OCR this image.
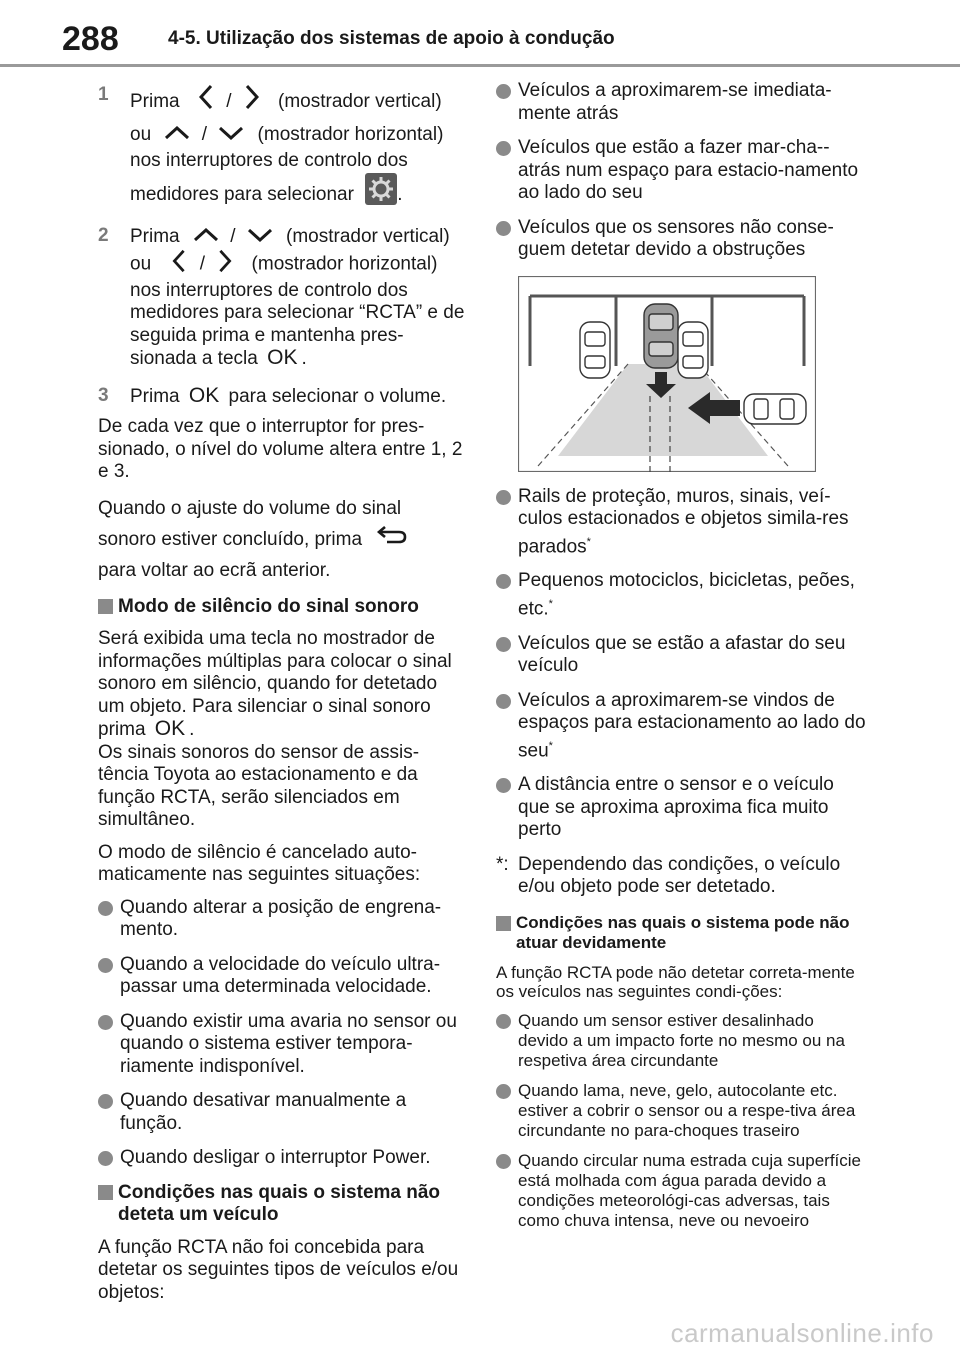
288	4-5. Utilização dos sistemas de apoio à condução
1 Prima / (mostrador vertical)
ou	/	(mostrador horizontal)
nos interruptores de controlo dos
medidores para selecionar .
2 Prima	/	(mostrador vertical)
ou	/ (mostrador horizontal)
nos interruptores de controlo dos medidores para selecionar “RCTA” e de seguida prima e mantenha pres-sionada a tecla OK .
3 Prima OK para selecionar o volume.

De cada vez que o interruptor for pres-sionado, o nível do volume altera entre 1, 2 e 3.

Quando o ajuste do volume do sinal
sonoro estiver concluído, prima
para voltar ao ecrã anterior.
Modo de silêncio do sinal sonoro

Será exibida uma tecla no mostrador de informações múltiplas para colocar o sinal sonoro em silêncio, quando for detetado um objeto. Para silenciar o sinal sonoro prima OK .
Os sinais sonoros do sensor de assis-tência Toyota ao estacionamento e da função RCTA, serão silenciados em simultâneo.

O modo de silêncio é cancelado auto-maticamente nas seguintes situações:

Quando alterar a posição de engrena-mento.
Quando a velocidade do veículo ultra-passar uma determinada velocidade.
Quando existir uma avaria no sensor ou quando o sistema estiver tempora-riamente indisponível.
Quando desativar manualmente a função.
Quando desligar o interruptor Power.
Condições nas quais o sistema não deteta um veículo

A função RCTA não foi concebida para detetar os seguintes tipos de veículos e/ou objetos:

Veículos a aproximarem-se imediata-mente atrás
Veículos que estão a fazer mar-cha--atrás num espaço para estacio-namento ao lado do seu
Veículos que os sensores não conse-guem detetar devido a obstruções
Rails de proteção, muros, sinais, veí-culos estacionados e objetos simila-res parados*
Pequenos motociclos, bicicletas, peões, etc.*
Veículos que se estão a afastar do seu veículo
Veículos a aproximarem-se vindos de espaços para estacionamento ao lado do seu*
A distância entre o sensor e o veículo que se aproxima aproxima fica muito perto
*: Dependendo das condições, o veículo e/ou objeto pode ser detetado.
Condições nas quais o sistema pode não atuar devidamente

A função RCTA pode não detetar correta-mente os veículos nas seguintes condi-ções:

Quando um sensor estiver desalinhado devido a um impacto forte no mesmo ou na respetiva área circundante
Quando lama, neve, gelo, autocolante etc. estiver a cobrir o sensor ou a respe-tiva área circundante no para-choques traseiro
Quando circular numa estrada cuja superfície está molhada com água parada devido a condições meteorológi-cas adversas, tais como chuva intensa, neve ou nevoeiro
carmanualsonline.info
